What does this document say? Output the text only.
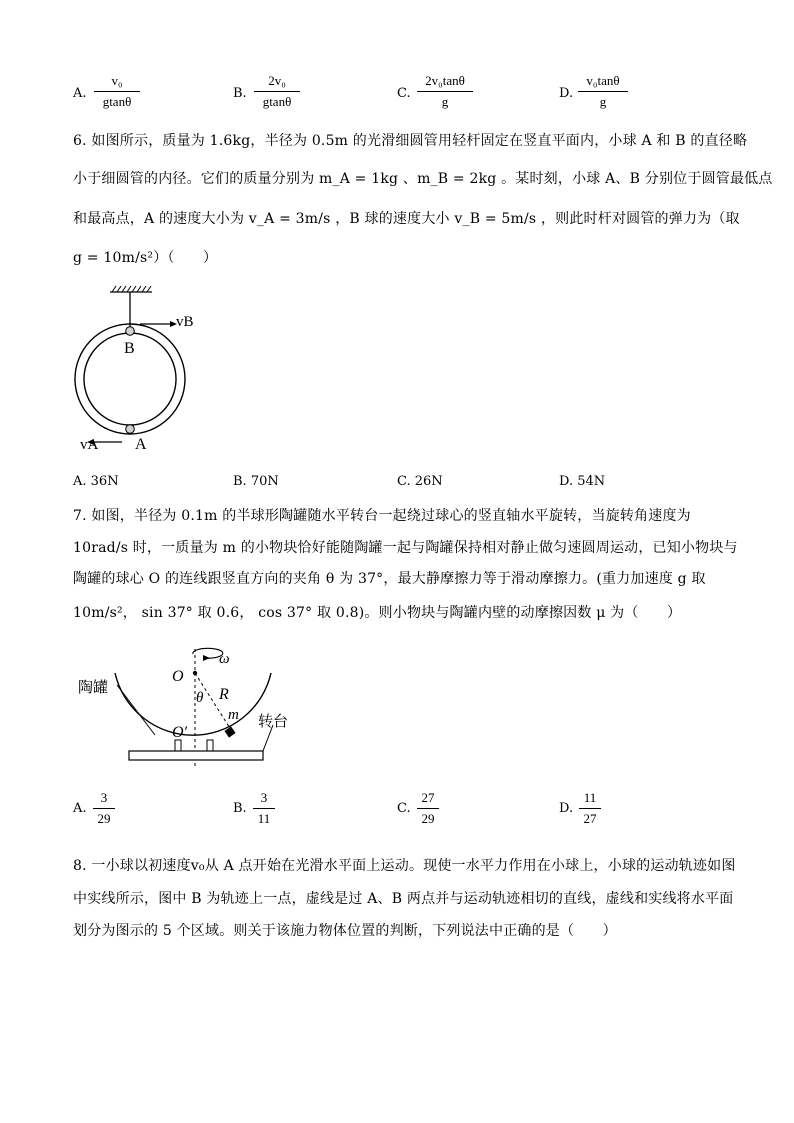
A.
v₀
gtanθ
B.
2v₀
gtanθ
C.
2v₀tanθ
g
D.
v₀tanθ
g
6. 如图所示，质量为 1.6kg，半径为 0.5m 的光滑细圆管用轻杆固定在竖直平面内，小球 A 和 B 的直径略
小于细圆管的内径。它们的质量分别为 m_A = 1kg 、m_B = 2kg 。某时刻，小球 A、B 分别位于圆管最低点
和最高点，A 的速度大小为 v_A = 3m/s ，B 球的速度大小 v_B = 5m/s ，则此时杆对圆管的弹力为（取
g = 10m/s²）（　　）
vB
B
vA A
A. 36N	B. 70N	C. 26N	D. 54N
7. 如图，半径为 0.1m 的半球形陶罐随水平转台一起绕过球心的竖直轴水平旋转，当旋转角速度为
10rad/s 时，一质量为 m 的小物块恰好能随陶罐一起与陶罐保持相对静止做匀速圆周运动，已知小物块与
陶罐的球心 O 的连线跟竖直方向的夹角 θ 为 37°，最大静摩擦力等于滑动摩擦力。(重力加速度 g 取
10m/s²， sin 37° 取 0.6， cos 37° 取 0.8)。则小物块与陶罐内壁的动摩擦因数 μ 为（　　）
ω
O
陶罐
θ R
m
O′
转台
A.
3
29
B.
3
11
C.
27
29
D.
11
27
8. 一小球以初速度v₀从 A 点开始在光滑水平面上运动。现使一水平力作用在小球上，小球的运动轨迹如图
中实线所示，图中 B 为轨迹上一点，虚线是过 A、B 两点并与运动轨迹相切的直线，虚线和实线将水平面
划分为图示的 5 个区域。则关于该施力物体位置的判断，下列说法中正确的是（　　）
